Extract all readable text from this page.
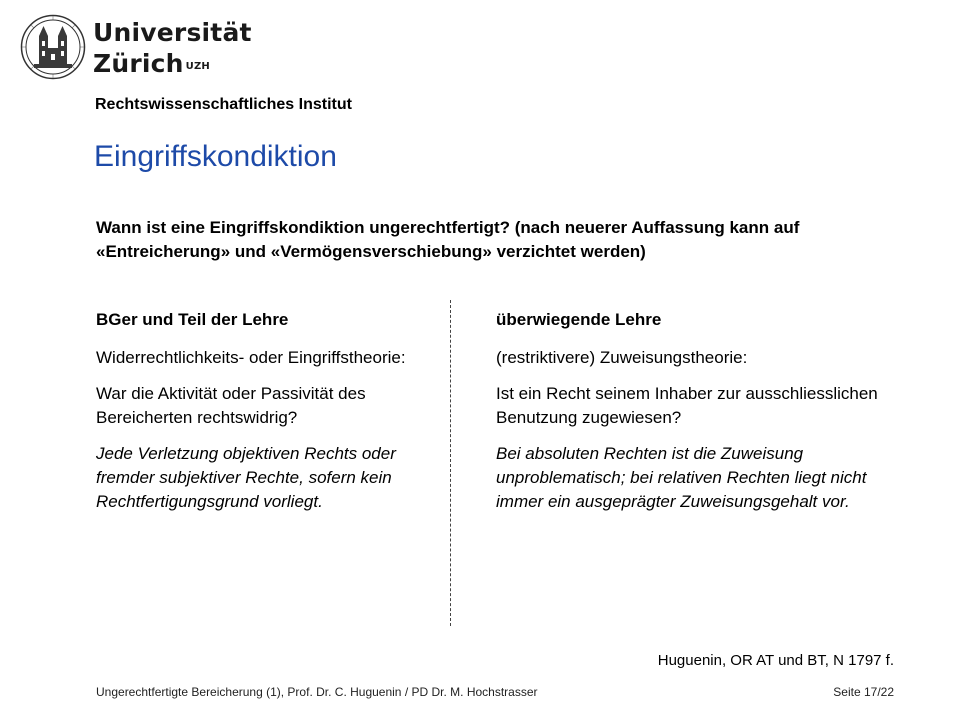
Universität
Zürich $^{UZH}$
Rechtswissenschaftliches Institut
Eingriffskondiktion
Wann ist eine Eingriffskondiktion ungerechtfertigt? (nach neuerer Auffassung kann auf «Entreicherung» und «Vermögensverschiebung» verzichtet werden)
BGer und Teil der Lehre

Widerrechtlichkeits- oder Eingriffstheorie:

War die Aktivität oder Passivität des Bereicherten rechtswidrig?

Jede Verletzung objektiven Rechts oder fremder subjektiver Rechte, sofern kein Rechtfertigungsgrund vorliegt.

überwiegende Lehre

(restriktivere) Zuweisungstheorie:

Ist ein Recht seinem Inhaber zur ausschliesslichen Benutzung zugewiesen?

Bei absoluten Rechten ist die Zuweisung unproblematisch; bei relativen Rechten liegt nicht immer ein ausgeprägter Zuweisungsgehalt vor.

Huguenin, OR AT und BT, N 1797 f.
Ungerechtfertigte Bereicherung (1), Prof. Dr. C. Huguenin / PD Dr. M. Hochstrasser	Seite 17/22
